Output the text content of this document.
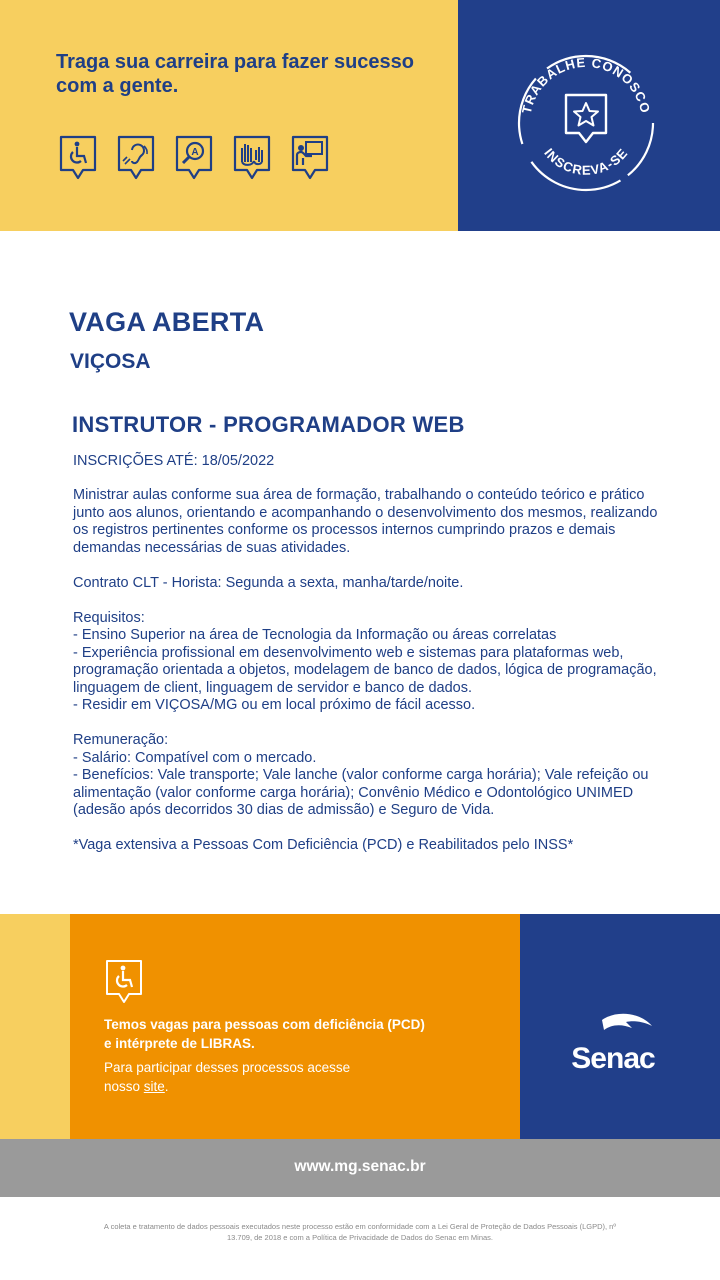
Traga sua carreira para fazer sucesso com a gente.

A
TRABALHE CONOSCO
INSCREVA-SE
VAGA ABERTA
VIÇOSA
INSTRUTOR - PROGRAMADOR WEB

INSCRIÇÕES ATÉ: 18/05/2022

Ministrar aulas conforme sua área de formação, trabalhando o conteúdo teórico e prático junto aos alunos, orientando e acompanhando o desenvolvimento dos mesmos, realizando os registros pertinentes conforme os processos internos cumprindo prazos e demais demandas necessárias de suas atividades.

Contrato CLT - Horista: Segunda a sexta, manha/tarde/noite.

Requisitos:

- Ensino Superior na área de Tecnologia da Informação ou áreas correlatas

- Experiência profissional em desenvolvimento web e sistemas para plataformas web, programação orientada a objetos, modelagem de banco de dados, lógica de programação, linguagem de client, linguagem de servidor e banco de dados.

- Residir em VIÇOSA/MG ou em local próximo de fácil acesso.

Remuneração:

- Salário: Compatível com o mercado.

- Benefícios: Vale transporte; Vale lanche (valor conforme carga horária); Vale refeição ou alimentação (valor conforme carga horária); Convênio Médico e Odontológico UNIMED (adesão após decorridos 30 dias de admissão) e Seguro de Vida.

*Vaga extensiva a Pessoas Com Deficiência (PCD) e Reabilitados pelo INSS*

Temos vagas para pessoas com deficiência (PCD) e intérprete de LIBRAS.

Para participar desses processos acesse nosso site.

Senac

www.mg.senac.br

A coleta e tratamento de dados pessoais executados neste processo estão em conformidade com a Lei Geral de Proteção de Dados Pessoais (LGPD), nº 13.709, de 2018 e com a Política de Privacidade de Dados do Senac em Minas.
